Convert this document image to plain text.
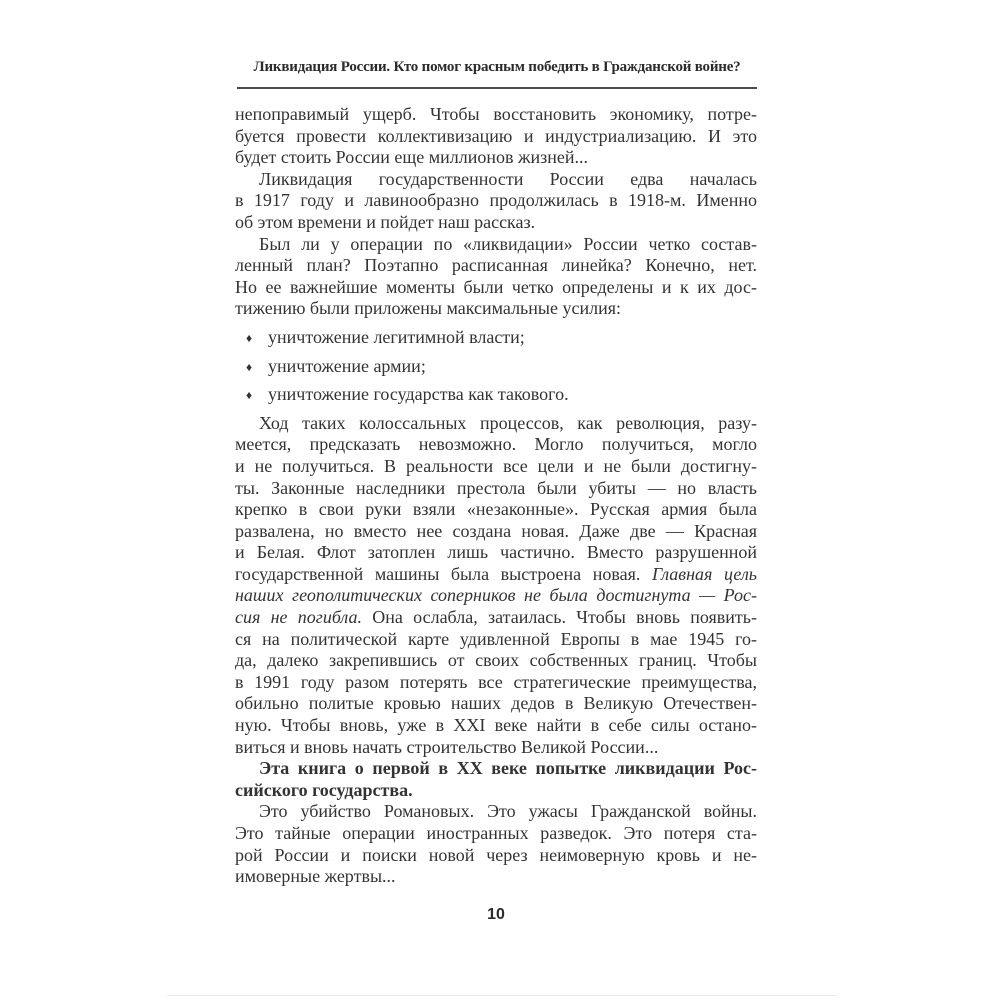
Ликвидация России. Кто помог красным победить в Гражданской войне?
непоправимый ущерб. Чтобы восстановить экономику, потре-
буется провести коллективизацию и индустриализацию. И это
будет стоить России еще миллионов жизней...
Ликвидация государственности России едва началась
в 1917 году и лавинообразно продолжилась в 1918-м. Именно
об этом времени и пойдет наш рассказ.
Был ли у операции по «ликвидации» России четко состав-
ленный план? Поэтапно расписанная линейка? Конечно, нет.
Но ее важнейшие моменты были четко определены и к их дос-
тижению были приложены максимальные усилия:
♦ уничтожение легитимной власти;
♦ уничтожение армии;
♦ уничтожение государства как такового.
Ход таких колоссальных процессов, как революция, разу-
меется, предсказать невозможно. Могло получиться, могло
и не получиться. В реальности все цели и не были достигну-
ты. Законные наследники престола были убиты — но власть
крепко в свои руки взяли «незаконные». Русская армия была
развалена, но вместо нее создана новая. Даже две — Красная
и Белая. Флот затоплен лишь частично. Вместо разрушенной
государственной машины была выстроена новая. Главная цель
наших геополитических соперников не была достигнута — Рос-
сия не погибла. Она ослабла, затаилась. Чтобы вновь появить-
ся на политической карте удивленной Европы в мае 1945 го-
да, далеко закрепившись от своих собственных границ. Чтобы
в 1991 году разом потерять все стратегические преимущества,
обильно политые кровью наших дедов в Великую Отечествен-
ную. Чтобы вновь, уже в XXI веке найти в себе силы остано-
виться и вновь начать строительство Великой России...
Эта книга о первой в XX веке попытке ликвидации Рос-
сийского государства.
Это убийство Романовых. Это ужасы Гражданской войны.
Это тайные операции иностранных разведок. Это потеря ста-
рой России и поиски новой через неимоверную кровь и не-
имоверные жертвы...
10
